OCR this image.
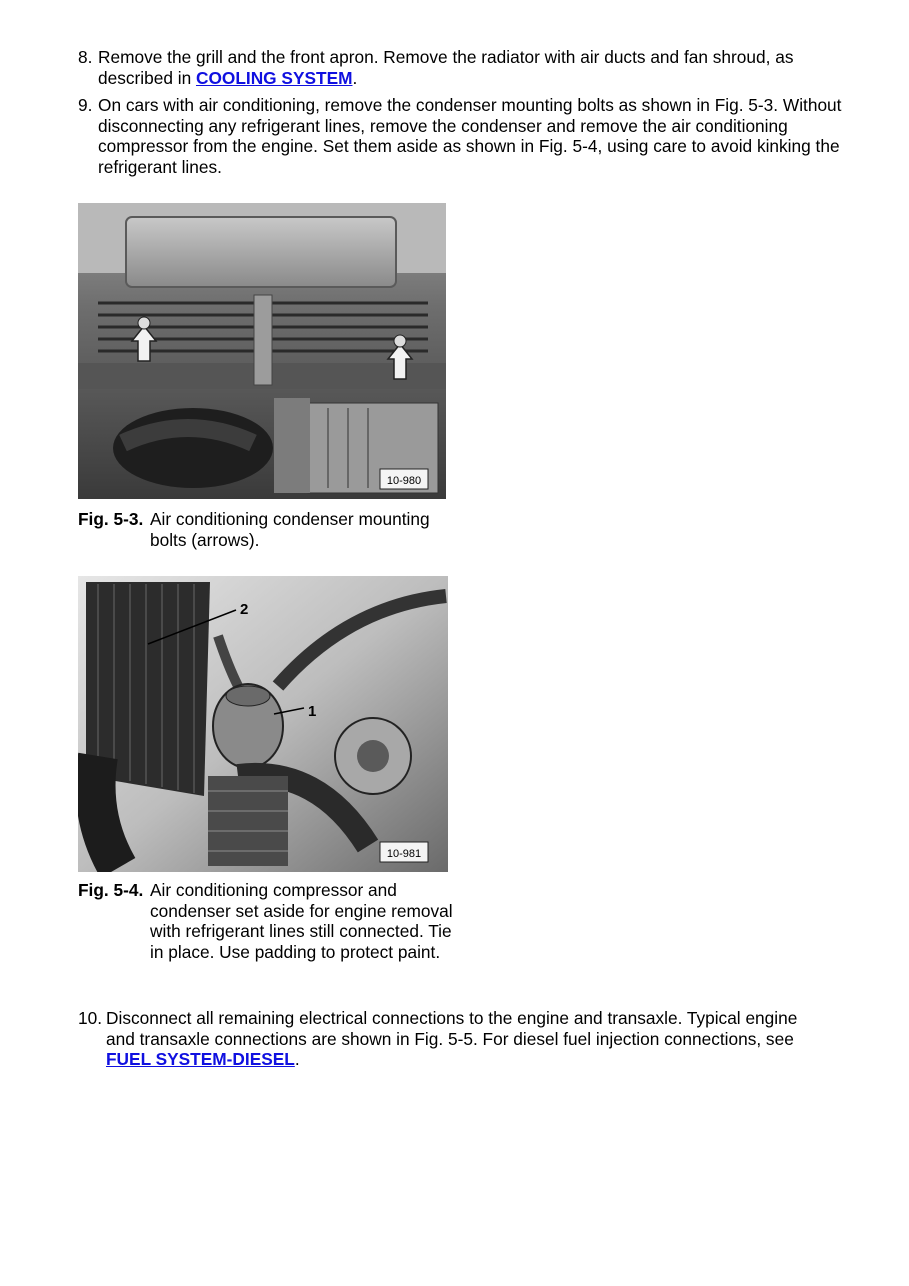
8. Remove the grill and the front apron. Remove the radiator with air ducts and fan shroud, as described in COOLING SYSTEM.
9. On cars with air conditioning, remove the condenser mounting bolts as shown in Fig. 5-3. Without disconnecting any refrigerant lines, remove the condenser and remove the air conditioning compressor from the engine. Set them aside as shown in Fig. 5-4, using care to avoid kinking the refrigerant lines.
10-980
Fig. 5-3. Air conditioning condenser mounting bolts (arrows).
1
2
10-981
Fig. 5-4. Air conditioning compressor and condenser set aside for engine removal with refrigerant lines still connected. Tie in place. Use padding to protect paint.
10. Disconnect all remaining electrical connections to the engine and transaxle. Typical engine and transaxle connections are shown in Fig. 5-5. For diesel fuel injection connections, see FUEL SYSTEM-DIESEL.
